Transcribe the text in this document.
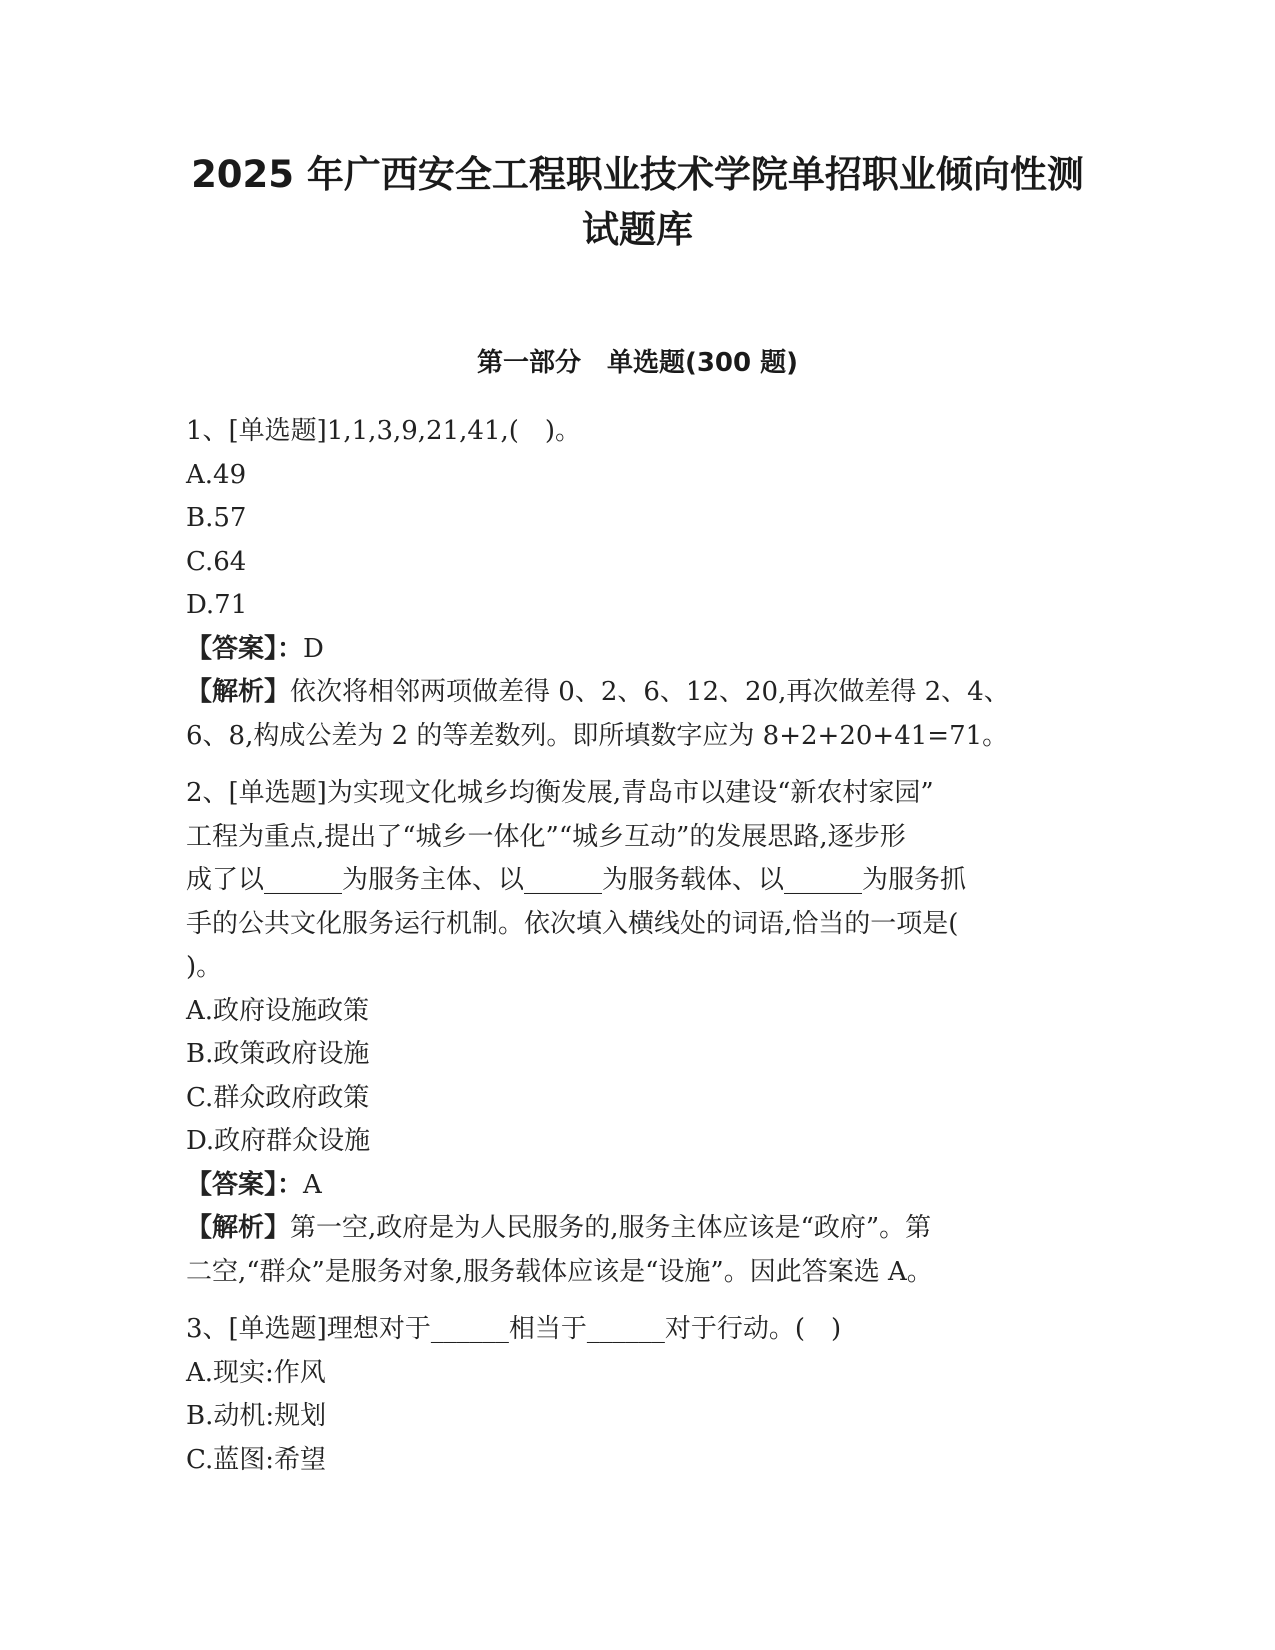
2025 年广西安全工程职业技术学院单招职业倾向性测
试题库
第一部分　单选题(300 题)
1、[单选题]1,1,3,9,21,41,(　)。
A.49
B.57
C.64
D.71
【答案】：D
【解析】依次将相邻两项做差得 0、2、6、12、20,再次做差得 2、4、
6、8,构成公差为 2 的等差数列。即所填数字应为 8+2+20+41=71。
2、[单选题]为实现文化城乡均衡发展,青岛市以建设“新农村家园”
工程为重点,提出了“城乡一体化”“城乡互动”的发展思路,逐步形
成了以______为服务主体、以______为服务载体、以______为服务抓
手的公共文化服务运行机制。依次填入横线处的词语,恰当的一项是(
)。
A.政府设施政策
B.政策政府设施
C.群众政府政策
D.政府群众设施
【答案】：A
【解析】第一空,政府是为人民服务的,服务主体应该是“政府”。第
二空,“群众”是服务对象,服务载体应该是“设施”。因此答案选 A。
3、[单选题]理想对于______相当于______对于行动。(　)
A.现实:作风
B.动机:规划
C.蓝图:希望
